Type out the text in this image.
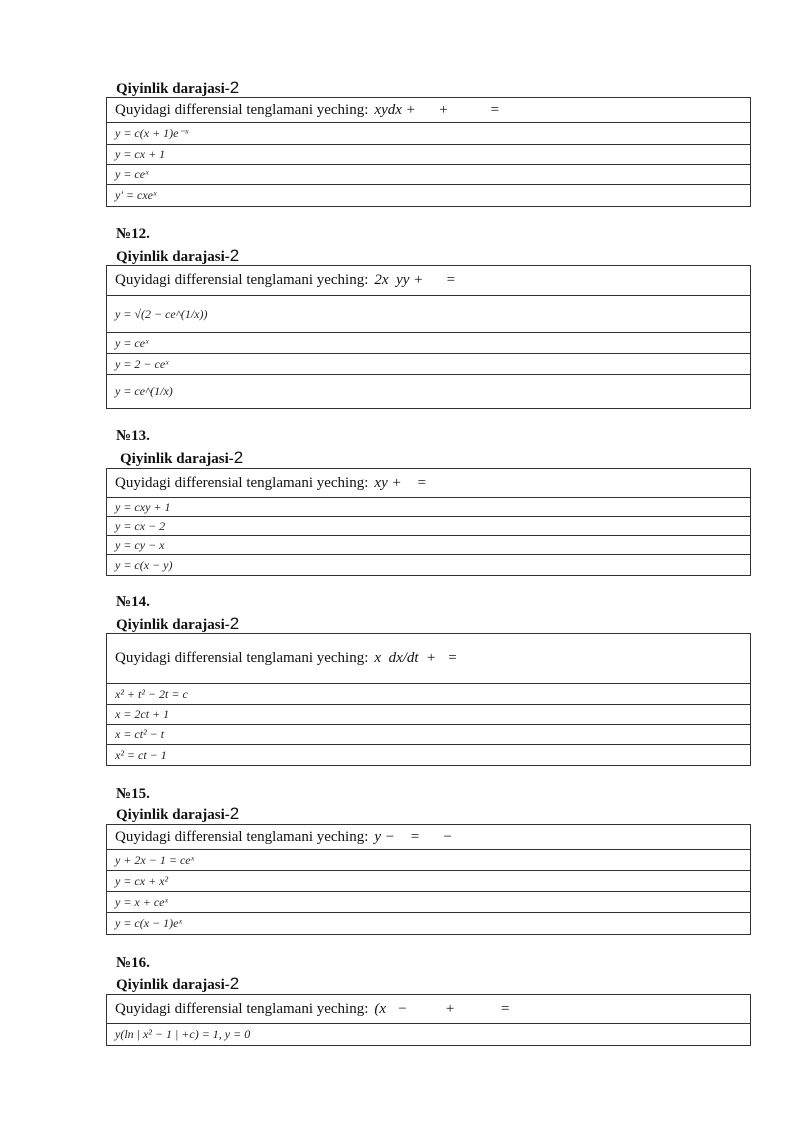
Qiyinlik darajasi-2
Quyidagi differensial tenglamani yeching: xydx +      +           =
y = c(x + 1)e⁻ˣ
y = cx + 1
y = ceˣ
y' = cxeˣ
№12.
Qiyinlik darajasi-2
Quyidagi differensial tenglamani yeching: 2x  yy +      =
y = √(2 − ce^(1/x))
y = ceˣ
y = 2 − ceˣ
y = ce^(1/x)
№13.
Qiyinlik darajasi-2
Quyidagi differensial tenglamani yeching: xy +    =
y = cxy + 1
y = cx − 2
y = cy − x
y = c(x − y)
№14.
Qiyinlik darajasi-2
Quyidagi differensial tenglamani yeching: x  dx/dt  +   =
x² + t² − 2t = c
x = 2ct + 1
x = ct² − t
x² = ct − 1
№15.
Qiyinlik darajasi-2
Quyidagi differensial tenglamani yeching: y −    =      −
y + 2x − 1 = ceˣ
y = cx + x²
y = x + ceˣ
y = c(x − 1)eˣ
№16.
Qiyinlik darajasi-2
Quyidagi differensial tenglamani yeching: (x   −          +            =
y(ln | x² − 1 | +c) = 1, y = 0
